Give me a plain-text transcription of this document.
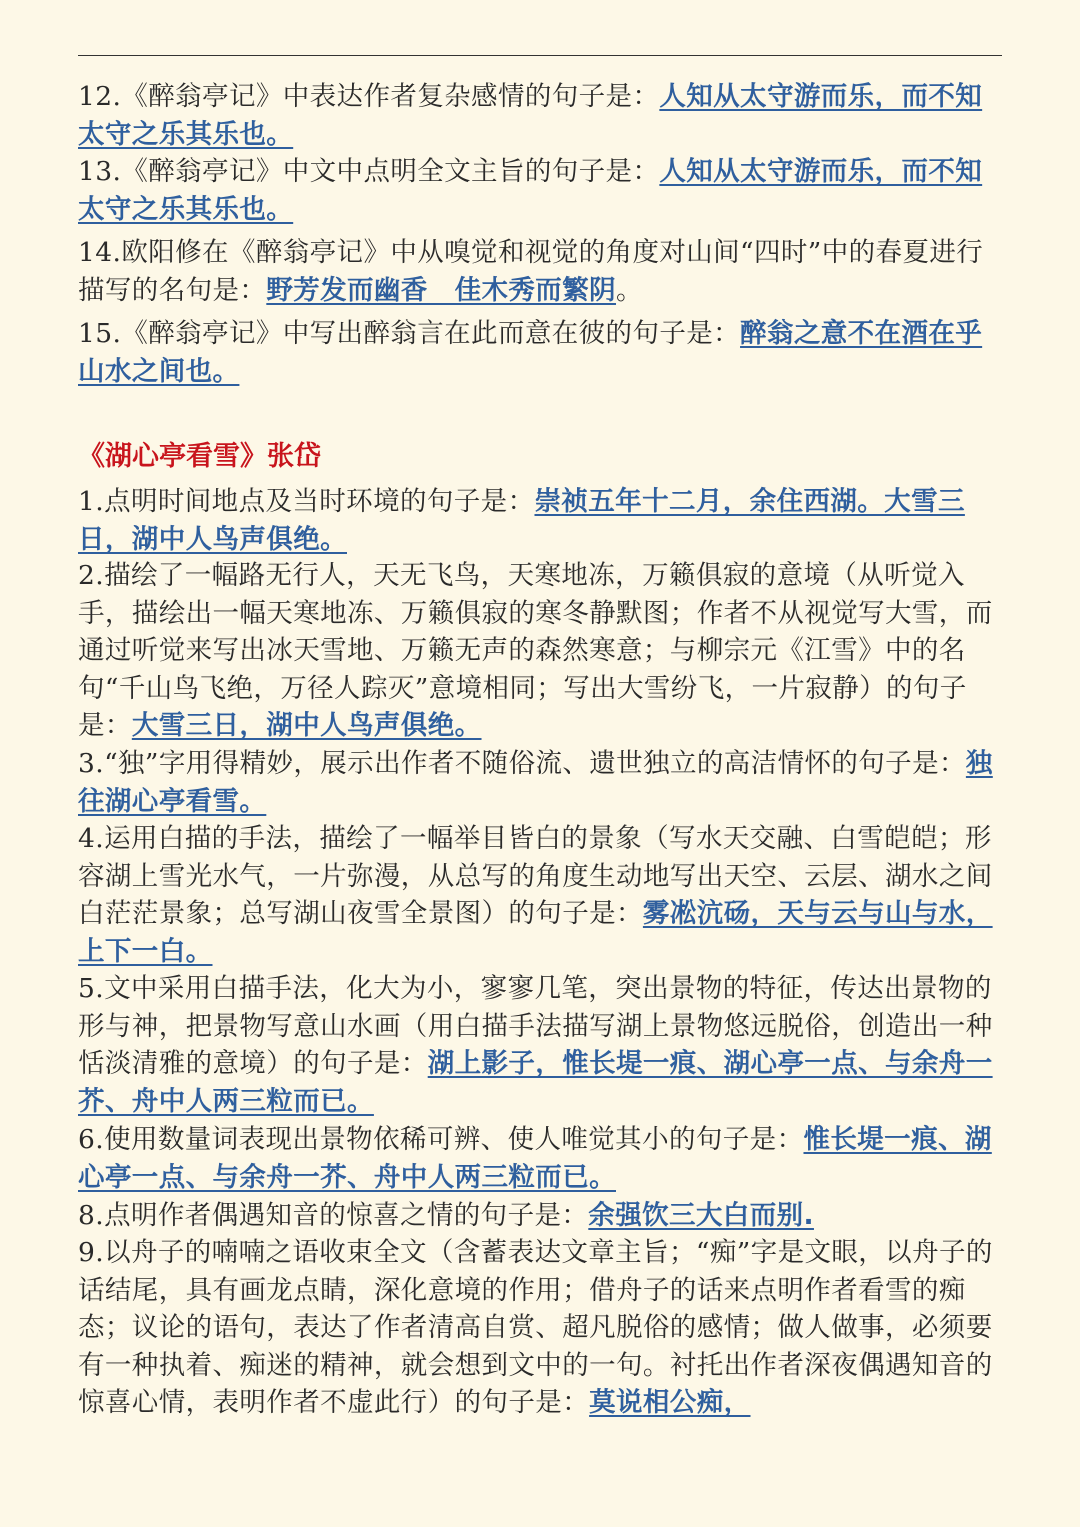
12.《醉翁亭记》中表达作者复杂感情的句子是：人知从太守游而乐，而不知太守之乐其乐也。
13.《醉翁亭记》中文中点明全文主旨的句子是：人知从太守游而乐，而不知太守之乐其乐也。
14.欧阳修在《醉翁亭记》中从嗅觉和视觉的角度对山间“四时”中的春夏进行描写的名句是：野芳发而幽香　佳木秀而繁阴。
15.《醉翁亭记》中写出醉翁言在此而意在彼的句子是：醉翁之意不在酒在乎山水之间也。
《湖心亭看雪》张岱
1.点明时间地点及当时环境的句子是：崇祯五年十二月，余住西湖。大雪三日，湖中人鸟声俱绝。
2.描绘了一幅路无行人，天无飞鸟，天寒地冻，万籁俱寂的意境（从听觉入手，描绘出一幅天寒地冻、万籁俱寂的寒冬静默图；作者不从视觉写大雪，而通过听觉来写出冰天雪地、万籁无声的森然寒意；与柳宗元《江雪》中的名句“千山鸟飞绝，万径人踪灭”意境相同；写出大雪纷飞，一片寂静）的句子是：大雪三日，湖中人鸟声俱绝。
3.“独”字用得精妙，展示出作者不随俗流、遗世独立的高洁情怀的句子是：独往湖心亭看雪。
4.运用白描的手法，描绘了一幅举目皆白的景象（写水天交融、白雪皑皑；形容湖上雪光水气，一片弥漫，从总写的角度生动地写出天空、云层、湖水之间白茫茫景象；总写湖山夜雪全景图）的句子是：雾凇沆砀，天与云与山与水，上下一白。
5.文中采用白描手法，化大为小，寥寥几笔，突出景物的特征，传达出景物的形与神，把景物写意山水画（用白描手法描写湖上景物悠远脱俗，创造出一种恬淡清雅的意境）的句子是：湖上影子，惟长堤一痕、湖心亭一点、与余舟一芥、舟中人两三粒而已。
6.使用数量词表现出景物依稀可辨、使人唯觉其小的句子是：惟长堤一痕、湖心亭一点、与余舟一芥、舟中人两三粒而已。
8.点明作者偶遇知音的惊喜之情的句子是：余强饮三大白而别.
9.以舟子的喃喃之语收束全文（含蓄表达文章主旨；“痴”字是文眼，以舟子的话结尾，具有画龙点睛，深化意境的作用；借舟子的话来点明作者看雪的痴态；议论的语句，表达了作者清高自赏、超凡脱俗的感情；做人做事，必须要有一种执着、痴迷的精神，就会想到文中的一句。衬托出作者深夜偶遇知音的惊喜心情，表明作者不虚此行）的句子是：莫说相公痴，
